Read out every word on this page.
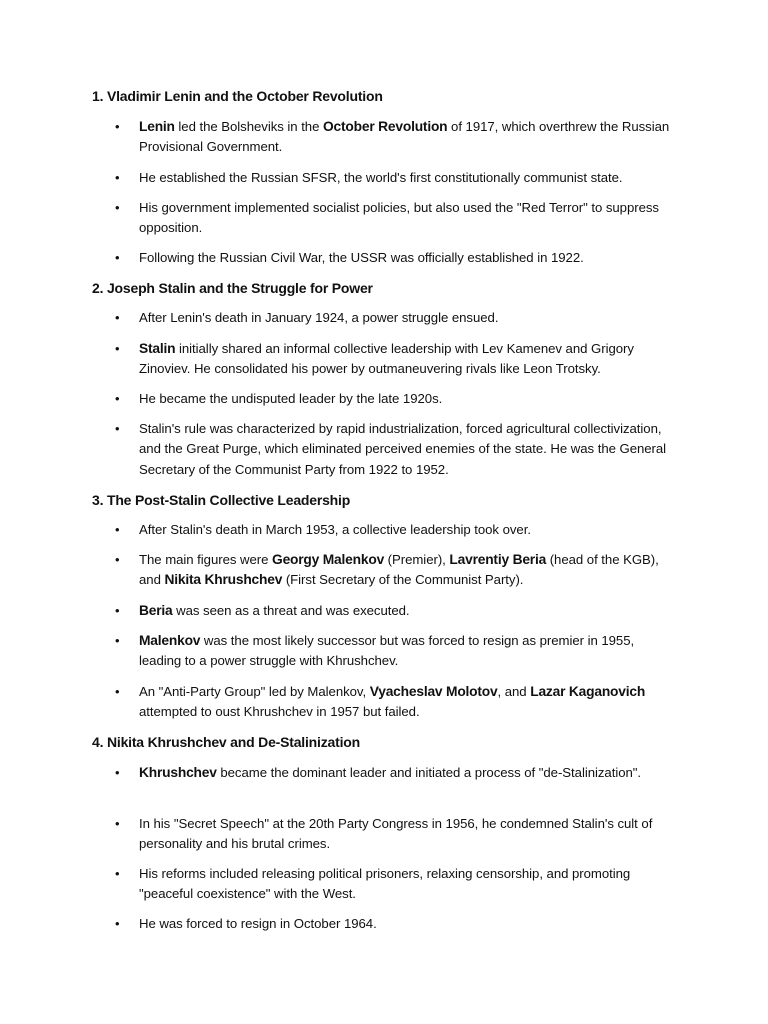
1. Vladimir Lenin and the October Revolution
• Lenin led the Bolsheviks in the October Revolution of 1917, which overthrew the Russian Provisional Government.
• He established the Russian SFSR, the world's first constitutionally communist state.
• His government implemented socialist policies, but also used the "Red Terror" to suppress opposition.
• Following the Russian Civil War, the USSR was officially established in 1922.
2. Joseph Stalin and the Struggle for Power
• After Lenin's death in January 1924, a power struggle ensued.
• Stalin initially shared an informal collective leadership with Lev Kamenev and Grigory Zinoviev. He consolidated his power by outmaneuvering rivals like Leon Trotsky.
• He became the undisputed leader by the late 1920s.
• Stalin's rule was characterized by rapid industrialization, forced agricultural collectivization, and the Great Purge, which eliminated perceived enemies of the state. He was the General Secretary of the Communist Party from 1922 to 1952.
3. The Post-Stalin Collective Leadership
• After Stalin's death in March 1953, a collective leadership took over.
• The main figures were Georgy Malenkov (Premier), Lavrentiy Beria (head of the KGB), and Nikita Khrushchev (First Secretary of the Communist Party).
• Beria was seen as a threat and was executed.
• Malenkov was the most likely successor but was forced to resign as premier in 1955, leading to a power struggle with Khrushchev.
• An "Anti-Party Group" led by Malenkov, Vyacheslav Molotov, and Lazar Kaganovich attempted to oust Khrushchev in 1957 but failed.
4. Nikita Khrushchev and De-Stalinization
• Khrushchev became the dominant leader and initiated a process of "de-Stalinization".
• In his "Secret Speech" at the 20th Party Congress in 1956, he condemned Stalin's cult of personality and his brutal crimes.
• His reforms included releasing political prisoners, relaxing censorship, and promoting "peaceful coexistence" with the West.
• He was forced to resign in October 1964.
